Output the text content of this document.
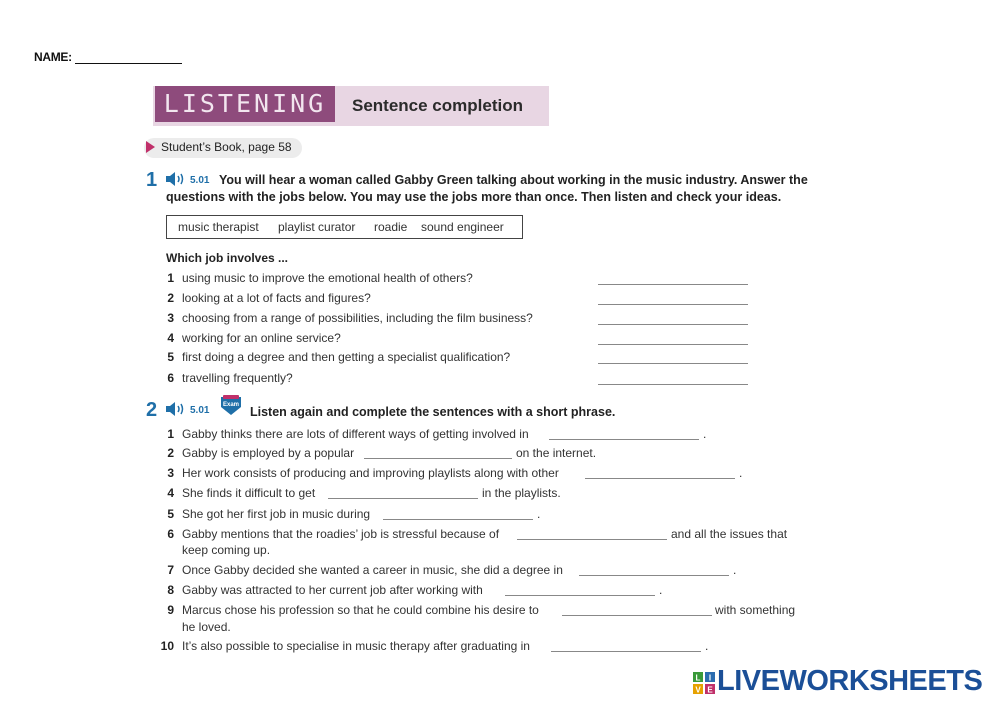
NAME:
LISTENING	Sentence completion
Student’s Book, page 58
1	5.01 You will hear a woman called Gabby Green talking about working in the music industry. Answer the
questions with the jobs below. You may use the jobs more than once. Then listen and check your ideas.
music therapist playlist curator roadie sound engineer
Which job involves ...
1 using music to improve the emotional health of others?
2 looking at a lot of facts and figures?
3 choosing from a range of possibilities, including the film business?
4 working for an online service?
5 first doing a degree and then getting a specialist qualification?
6 travelling frequently?
2	5.01 Exam Listen again and complete the sentences with a short phrase.
1 Gabby thinks there are lots of different ways of getting involved in	.
2 Gabby is employed by a popular	on the internet.
3 Her work consists of producing and improving playlists along with other	.
4 She finds it difficult to get	in the playlists.
5 She got her first job in music during	.
6 Gabby mentions that the roadies’ job is stressful because of	and all the issues that
keep coming up.
7 Once Gabby decided she wanted a career in music, she did a degree in	.
8 Gabby was attracted to her current job after working with	.
9 Marcus chose his profession so that he could combine his desire to	with something
he loved.
10 It’s also possible to specialise in music therapy after graduating in	.
L I
V E LIVEWORKSHEETS
